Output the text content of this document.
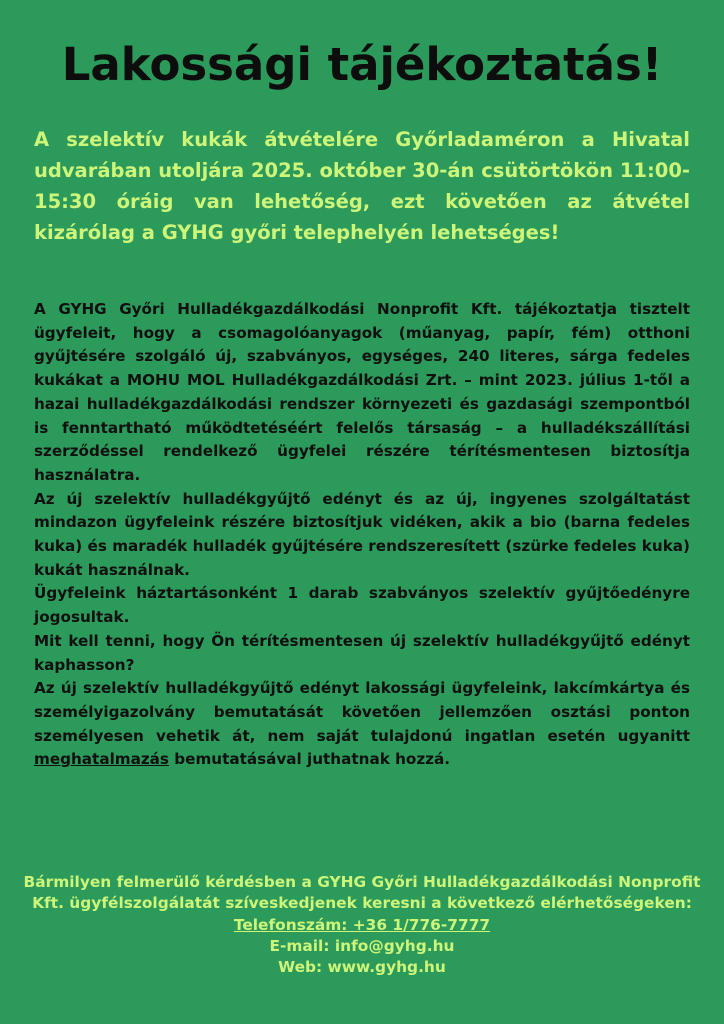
Lakossági tájékoztatás!

A szelektív kukák átvételére Győrladaméron a Hivatal udvarában utoljára 2025. október 30-án csütörtökön 11:00-15:30 óráig van lehetőség, ezt követően az átvétel kizárólag a GYHG győri telephelyén lehetséges!

A GYHG Győri Hulladékgazdálkodási Nonprofit Kft. tájékoztatja tisztelt ügyfeleit, hogy a csomagolóanyagok (műanyag, papír, fém) otthoni gyűjtésére szolgáló új, szabványos, egységes, 240 literes, sárga fedeles kukákat a MOHU MOL Hulladékgazdálkodási Zrt. – mint 2023. július 1-től a hazai hulladékgazdálkodási rendszer környezeti és gazdasági szempontból is fenntartható működtetéséért felelős társaság – a hulladékszállítási szerződéssel rendelkező ügyfelei részére térítésmentesen biztosítja használatra.

Az új szelektív hulladékgyűjtő edényt és az új, ingyenes szolgáltatást mindazon ügyfeleink részére biztosítjuk vidéken, akik a bio (barna fedeles kuka) és maradék hulladék gyűjtésére rendszeresített (szürke fedeles kuka) kukát használnak.

Ügyfeleink háztartásonként 1 darab szabványos szelektív gyűjtőedényre jogosultak.

Mit kell tenni, hogy Ön térítésmentesen új szelektív hulladékgyűjtő edényt kaphasson?

Az új szelektív hulladékgyűjtő edényt lakossági ügyfeleink, lakcímkártya és személyigazolvány bemutatását követően jellemzően osztási ponton személyesen vehetik át, nem saját tulajdonú ingatlan esetén ugyanitt meghatalmazás bemutatásával juthatnak hozzá.

Bármilyen felmerülő kérdésben a GYHG Győri Hulladékgazdálkodási Nonprofit Kft. ügyfélszolgálatát szíveskedjenek keresni a következő elérhetőségeken:

Telefonszám: +36 1/776-7777

E-mail: info@gyhg.hu

Web: www.gyhg.hu
